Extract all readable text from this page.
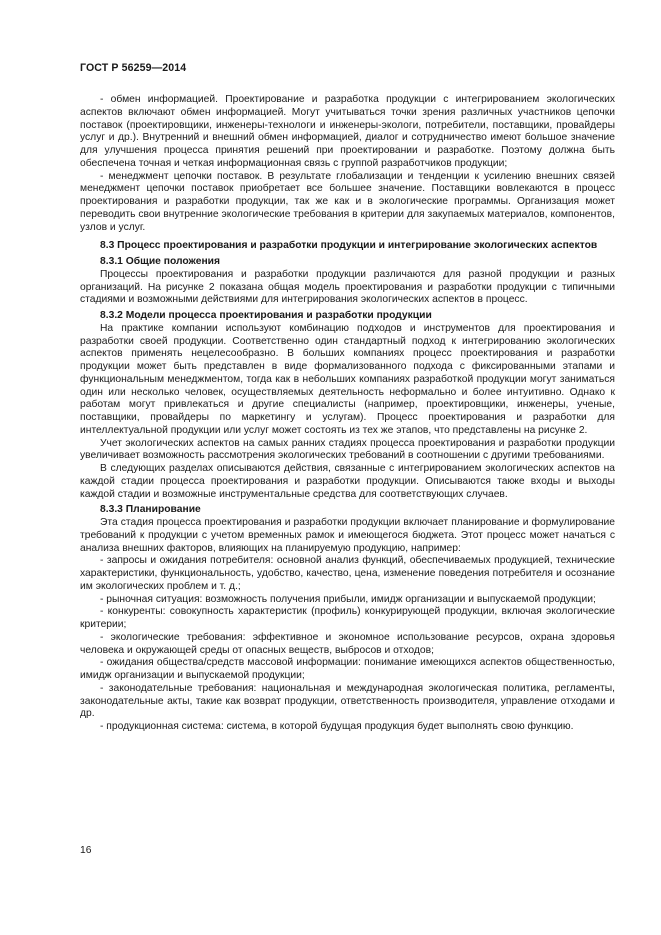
ГОСТ Р 56259—2014

- обмен информацией. Проектирование и разработка продукции с интегрированием экологических аспектов включают обмен информацией. Могут учитываться точки зрения различных участников цепочки поставок (проектировщики, инженеры-технологи и инженеры-экологи, потребители, поставщики, провайдеры услуг и др.). Внутренний и внешний обмен информацией, диалог и сотрудничество имеют большое значение для улучшения процесса принятия решений при проектировании и разработке. Поэтому должна быть обеспечена точная и четкая информационная связь с группой разработчиков продукции;

- менеджмент цепочки поставок. В результате глобализации и тенденции к усилению внешних связей менеджмент цепочки поставок приобретает все большее значение. Поставщики вовлекаются в процесс проектирования и разработки продукции, так же как и в экологические программы. Организация может переводить свои внутренние экологические требования в критерии для закупаемых материалов, компонентов, узлов и услуг.

8.3 Процесс проектирования и разработки продукции и интегрирование экологических аспектов
8.3.1 Общие положения

Процессы проектирования и разработки продукции различаются для разной продукции и разных организаций. На рисунке 2 показана общая модель проектирования и разработки продукции с типичными стадиями и возможными действиями для интегрирования экологических аспектов в процесс.

8.3.2 Модели процесса проектирования и разработки продукции

На практике компании используют комбинацию подходов и инструментов для проектирования и разработки своей продукции. Соответственно один стандартный подход к интегрированию экологических аспектов применять нецелесообразно. В больших компаниях процесс проектирования и разработки продукции может быть представлен в виде формализованного подхода с фиксированными этапами и функциональным менеджментом, тогда как в небольших компаниях разработкой продукции могут заниматься один или несколько человек, осуществляемых деятельность неформально и более интуитивно. Однако к работам могут привлекаться и другие специалисты (например, проектировщики, инженеры, ученые, поставщики, провайдеры по маркетингу и услугам). Процесс проектирования и разработки для интеллектуальной продукции или услуг может состоять из тех же этапов, что представлены на рисунке 2.

Учет экологических аспектов на самых ранних стадиях процесса проектирования и разработки продукции увеличивает возможность рассмотрения экологических требований в соотношении с другими требованиями.

В следующих разделах описываются действия, связанные с интегрированием экологических аспектов на каждой стадии процесса проектирования и разработки продукции. Описываются также входы и выходы каждой стадии и возможные инструментальные средства для соответствующих случаев.

8.3.3 Планирование

Эта стадия процесса проектирования и разработки продукции включает планирование и формулирование требований к продукции с учетом временных рамок и имеющегося бюджета. Этот процесс может начаться с анализа внешних факторов, влияющих на планируемую продукцию, например:

- запросы и ожидания потребителя: основной анализ функций, обеспечиваемых продукцией, технические характеристики, функциональность, удобство, качество, цена, изменение поведения потребителя и осознание им экологических проблем и т. д.;

- рыночная ситуация: возможность получения прибыли, имидж организации и выпускаемой продукции;

- конкуренты: совокупность характеристик (профиль) конкурирующей продукции, включая экологические критерии;

- экологические требования: эффективное и экономное использование ресурсов, охрана здоровья человека и окружающей среды от опасных веществ, выбросов и отходов;

- ожидания общества/средств массовой информации: понимание имеющихся аспектов общественностью, имидж организации и выпускаемой продукции;

- законодательные требования: национальная и международная экологическая политика, регламенты, законодательные акты, такие как возврат продукции, ответственность производителя, управление отходами и др.

- продукционная система: система, в которой будущая продукция будет выполнять свою функцию.

16
